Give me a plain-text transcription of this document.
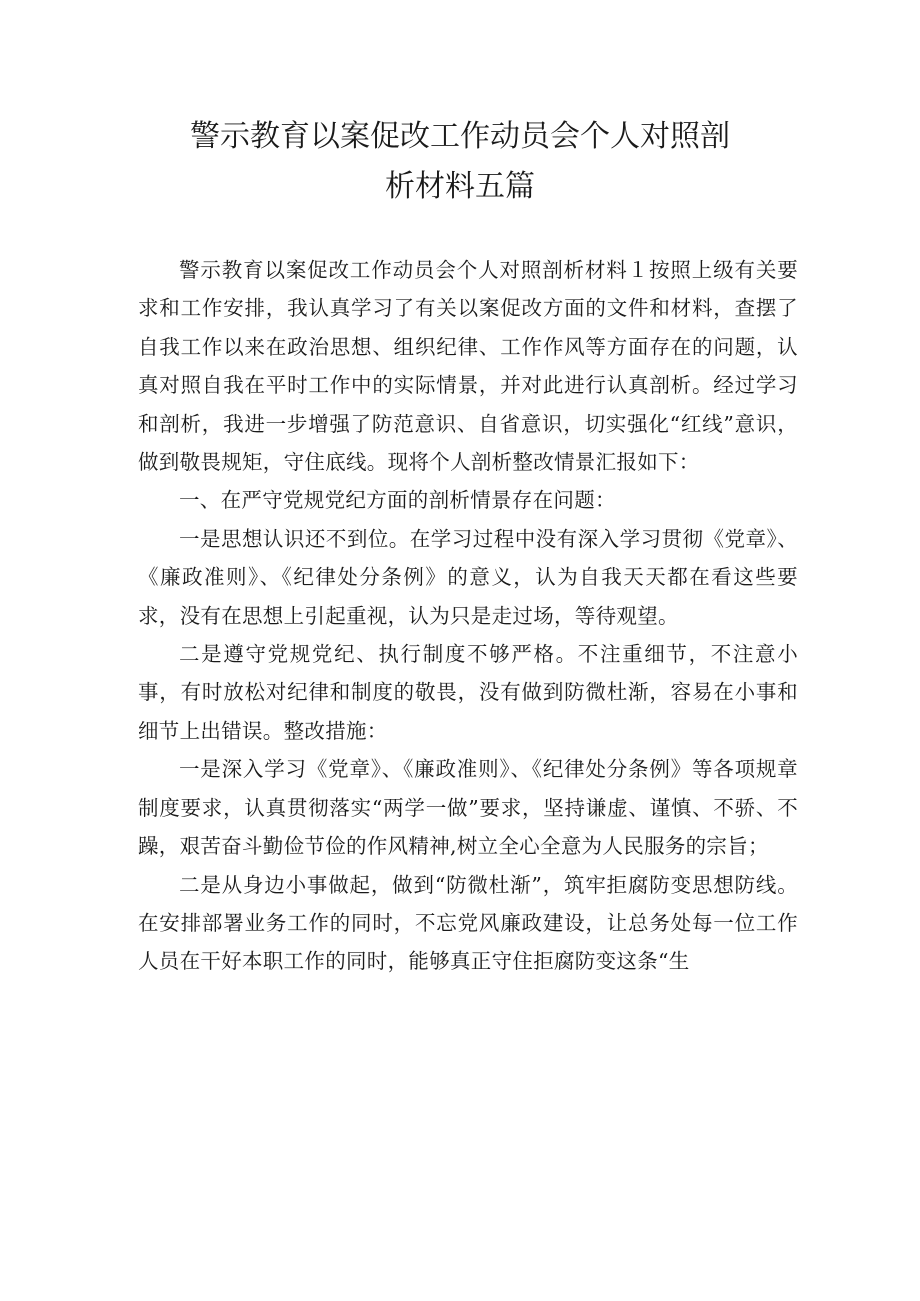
警示教育以案促改工作动员会个人对照剖
析材料五篇

警示教育以案促改工作动员会个人对照剖析材料１按照上级有关要求和工作安排，我认真学习了有关以案促改方面的文件和材料，查摆了自我工作以来在政治思想、组织纪律、工作作风等方面存在的问题，认真对照自我在平时工作中的实际情景，并对此进行认真剖析。经过学习和剖析，我进一步增强了防范意识、自省意识，切实强化“红线”意识，做到敬畏规矩，守住底线。现将个人剖析整改情景汇报如下：

一、在严守党规党纪方面的剖析情景存在问题：

一是思想认识还不到位。在学习过程中没有深入学习贯彻《党章》、《廉政准则》、《纪律处分条例》的意义，认为自我天天都在看这些要求，没有在思想上引起重视，认为只是走过场，等待观望。

二是遵守党规党纪、执行制度不够严格。不注重细节，不注意小事，有时放松对纪律和制度的敬畏，没有做到防微杜渐，容易在小事和细节上出错误。整改措施：

一是深入学习《党章》、《廉政准则》、《纪律处分条例》等各项规章制度要求，认真贯彻落实“两学一做”要求，坚持谦虚、谨慎、不骄、不躁，艰苦奋斗勤俭节俭的作风精神,树立全心全意为人民服务的宗旨；

二是从身边小事做起，做到“防微杜渐”，筑牢拒腐防变思想防线。在安排部署业务工作的同时，不忘党风廉政建设，让总务处每一位工作人员在干好本职工作的同时，能够真正守住拒腐防变这条“生
